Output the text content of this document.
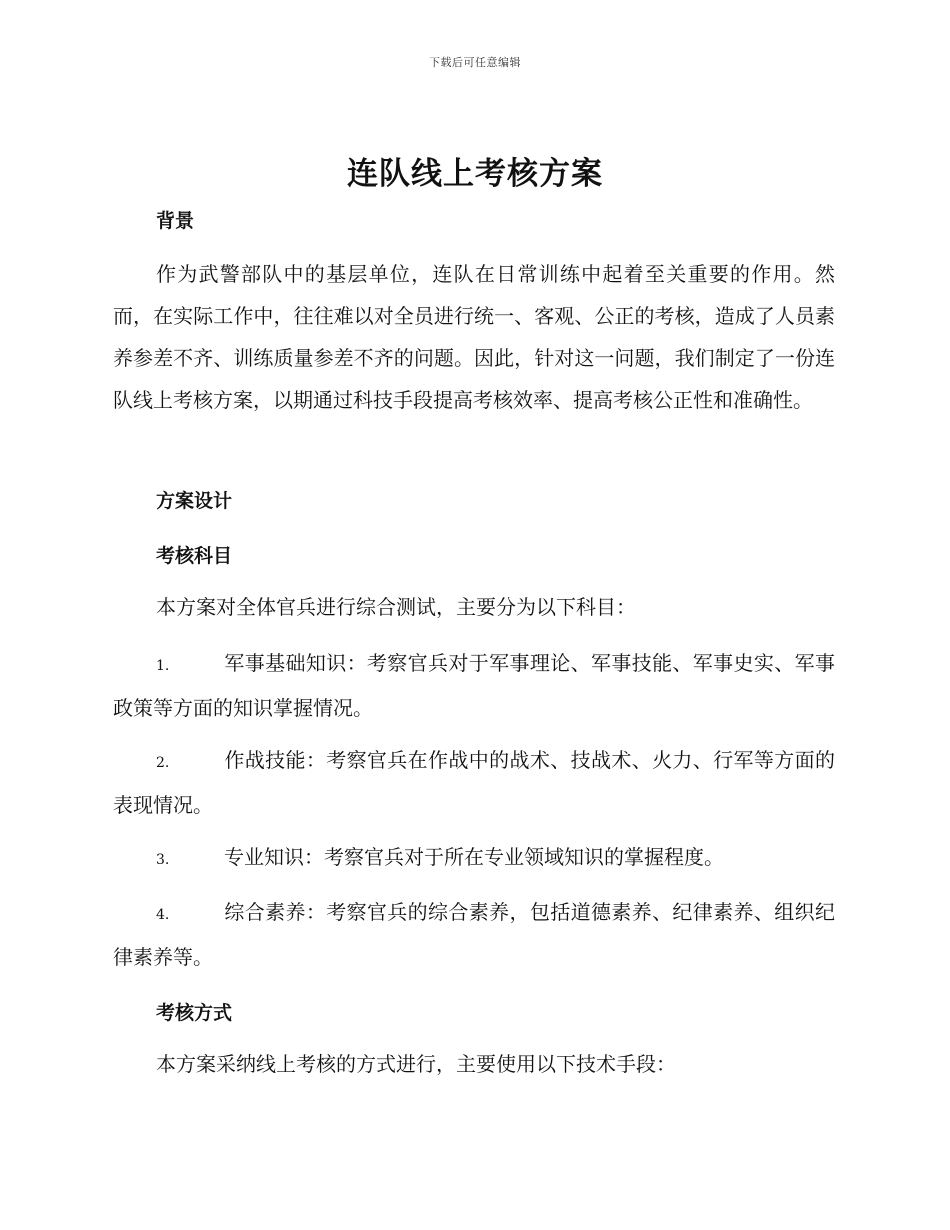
下载后可任意编辑
连队线上考核方案
背景

作为武警部队中的基层单位，连队在日常训练中起着至关重要的作用。然而，在实际工作中，往往难以对全员进行统一、客观、公正的考核，造成了人员素养参差不齐、训练质量参差不齐的问题。因此，针对这一问题，我们制定了一份连队线上考核方案，以期通过科技手段提高考核效率、提高考核公正性和准确性。

方案设计
考核科目

本方案对全体官兵进行综合测试，主要分为以下科目：

1.	军事基础知识：考察官兵对于军事理论、军事技能、军事史实、军事政策等方面的知识掌握情况。

2.	作战技能：考察官兵在作战中的战术、技战术、火力、行军等方面的表现情况。

3.	专业知识：考察官兵对于所在专业领域知识的掌握程度。

4.	综合素养：考察官兵的综合素养，包括道德素养、纪律素养、组织纪律素养等。

考核方式

本方案采纳线上考核的方式进行，主要使用以下技术手段：
